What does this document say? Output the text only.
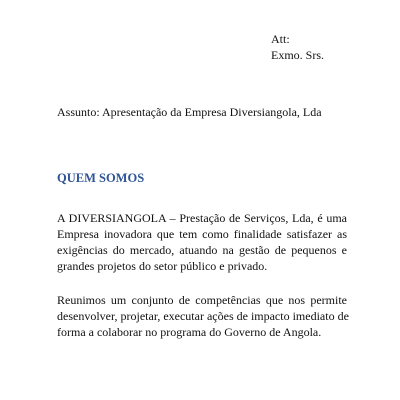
Att:
Exmo. Srs.
Assunto: Apresentação da Empresa Diversiangola, Lda
QUEM SOMOS
A DIVERSIANGOLA – Prestação de Serviços, Lda, é uma
Empresa inovadora que tem como finalidade satisfazer as
exigências do mercado, atuando na gestão de pequenos e
grandes projetos do setor público e privado.
Reunimos um conjunto de competências que nos permite
desenvolver, projetar, executar ações de impacto imediato de
forma a colaborar no programa do Governo de Angola.
